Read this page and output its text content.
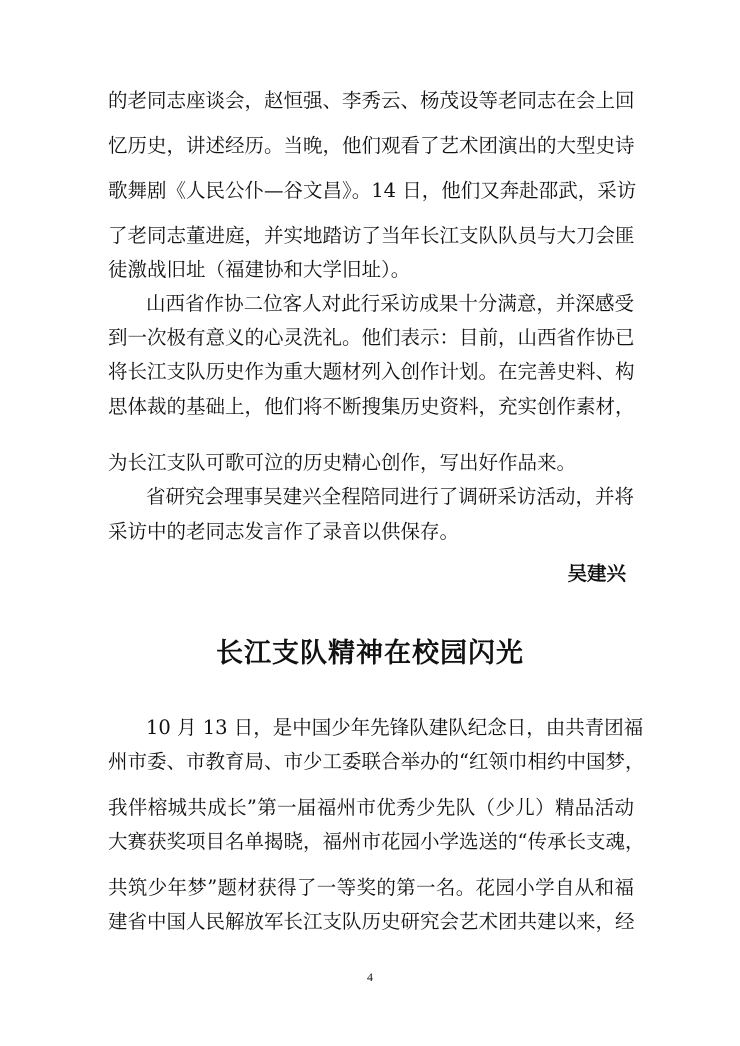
的老同志座谈会，赵恒强、李秀云、杨茂设等老同志在会上回
忆历史，讲述经历。当晚，他们观看了艺术团演出的大型史诗
歌舞剧《人民公仆—谷文昌》。14 日，他们又奔赴邵武，采访
了老同志董进庭，并实地踏访了当年长江支队队员与大刀会匪
徒激战旧址（福建协和大学旧址）。
山西省作协二位客人对此行采访成果十分满意，并深感受
到一次极有意义的心灵洗礼。他们表示：目前，山西省作协已
将长江支队历史作为重大题材列入创作计划。在完善史料、构
思体裁的基础上，他们将不断搜集历史资料，充实创作素材，
为长江支队可歌可泣的历史精心创作，写出好作品来。
省研究会理事吴建兴全程陪同进行了调研采访活动，并将
采访中的老同志发言作了录音以供保存。
吴建兴
长江支队精神在校园闪光
10 月 13 日，是中国少年先锋队建队纪念日，由共青团福
州市委、市教育局、市少工委联合举办的“红领巾相约中国梦，
我伴榕城共成长”第一届福州市优秀少先队（少儿）精品活动
大赛获奖项目名单揭晓，福州市花园小学选送的“传承长支魂，
共筑少年梦”题材获得了一等奖的第一名。花园小学自从和福
建省中国人民解放军长江支队历史研究会艺术团共建以来，经
4
